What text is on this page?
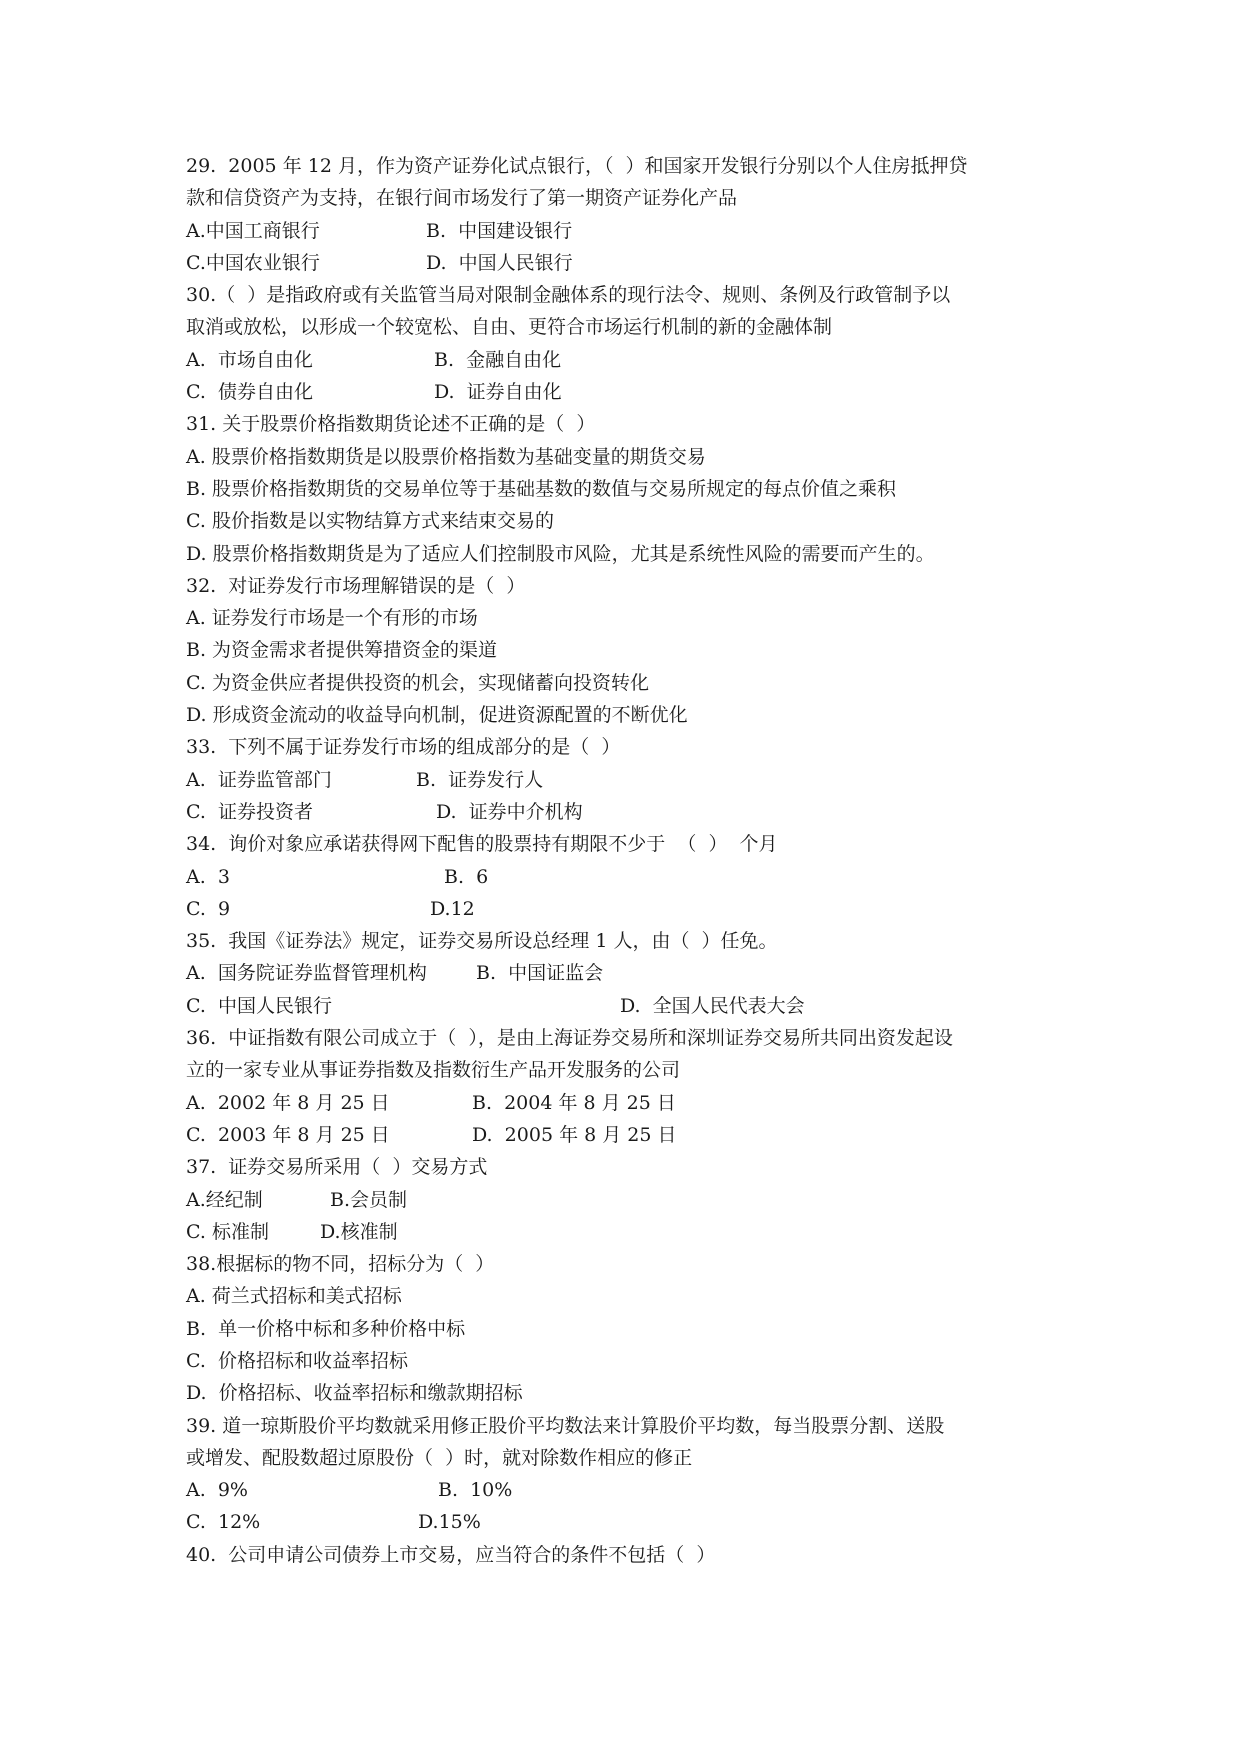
29.  2005 年 12 月，作为资产证券化试点银行，（  ）和国家开发银行分别以个人住房抵押贷
款和信贷资产为支持，在银行间市场发行了第一期资产证券化产品
A.中国工商银行	B.  中国建设银行
C.中国农业银行	D.  中国人民银行
30.（  ）是指政府或有关监管当局对限制金融体系的现行法令、规则、条例及行政管制予以
取消或放松，以形成一个较宽松、自由、更符合市场运行机制的新的金融体制
A.  市场自由化	B.  金融自由化
C.  债券自由化	D.  证券自由化
31. 关于股票价格指数期货论述不正确的是（  ）
A. 股票价格指数期货是以股票价格指数为基础变量的期货交易
B. 股票价格指数期货的交易单位等于基础基数的数值与交易所规定的每点价值之乘积
C. 股价指数是以实物结算方式来结束交易的
D. 股票价格指数期货是为了适应人们控制股市风险，尤其是系统性风险的需要而产生的。
32.  对证券发行市场理解错误的是（  ）
A. 证券发行市场是一个有形的市场
B. 为资金需求者提供筹措资金的渠道
C. 为资金供应者提供投资的机会，实现储蓄向投资转化
D. 形成资金流动的收益导向机制，促进资源配置的不断优化
33.  下列不属于证券发行市场的组成部分的是（  ）
A.  证券监管部门	B.  证券发行人
C.  证券投资者	D.  证券中介机构
34.  询价对象应承诺获得网下配售的股票持有期限不少于  （  ）  个月
A.  3	B.  6
C.  9	D.12
35.  我国《证券法》规定，证券交易所设总经理 1 人，由（  ）任免。
A.  国务院证券监督管理机构	B.  中国证监会
C.  中国人民银行	D.  全国人民代表大会
36.  中证指数有限公司成立于（  ），是由上海证券交易所和深圳证券交易所共同出资发起设
立的一家专业从事证券指数及指数衍生产品开发服务的公司
A.  2002 年 8 月 25 日	B.  2004 年 8 月 25 日
C.  2003 年 8 月 25 日	D.  2005 年 8 月 25 日
37.  证券交易所采用（  ）交易方式
A.经纪制	B.会员制
C. 标准制	D.核准制
38.根据标的物不同，招标分为（  ）
A. 荷兰式招标和美式招标
B.  单一价格中标和多种价格中标
C.  价格招标和收益率招标
D.  价格招标、收益率招标和缴款期招标
39. 道一琼斯股价平均数就采用修正股价平均数法来计算股价平均数，每当股票分割、送股
或增发、配股数超过原股份（  ）时，就对除数作相应的修正
A.  9%	B.  10%
C.  12%	D.15%
40.  公司申请公司债券上市交易，应当符合的条件不包括（  ）
